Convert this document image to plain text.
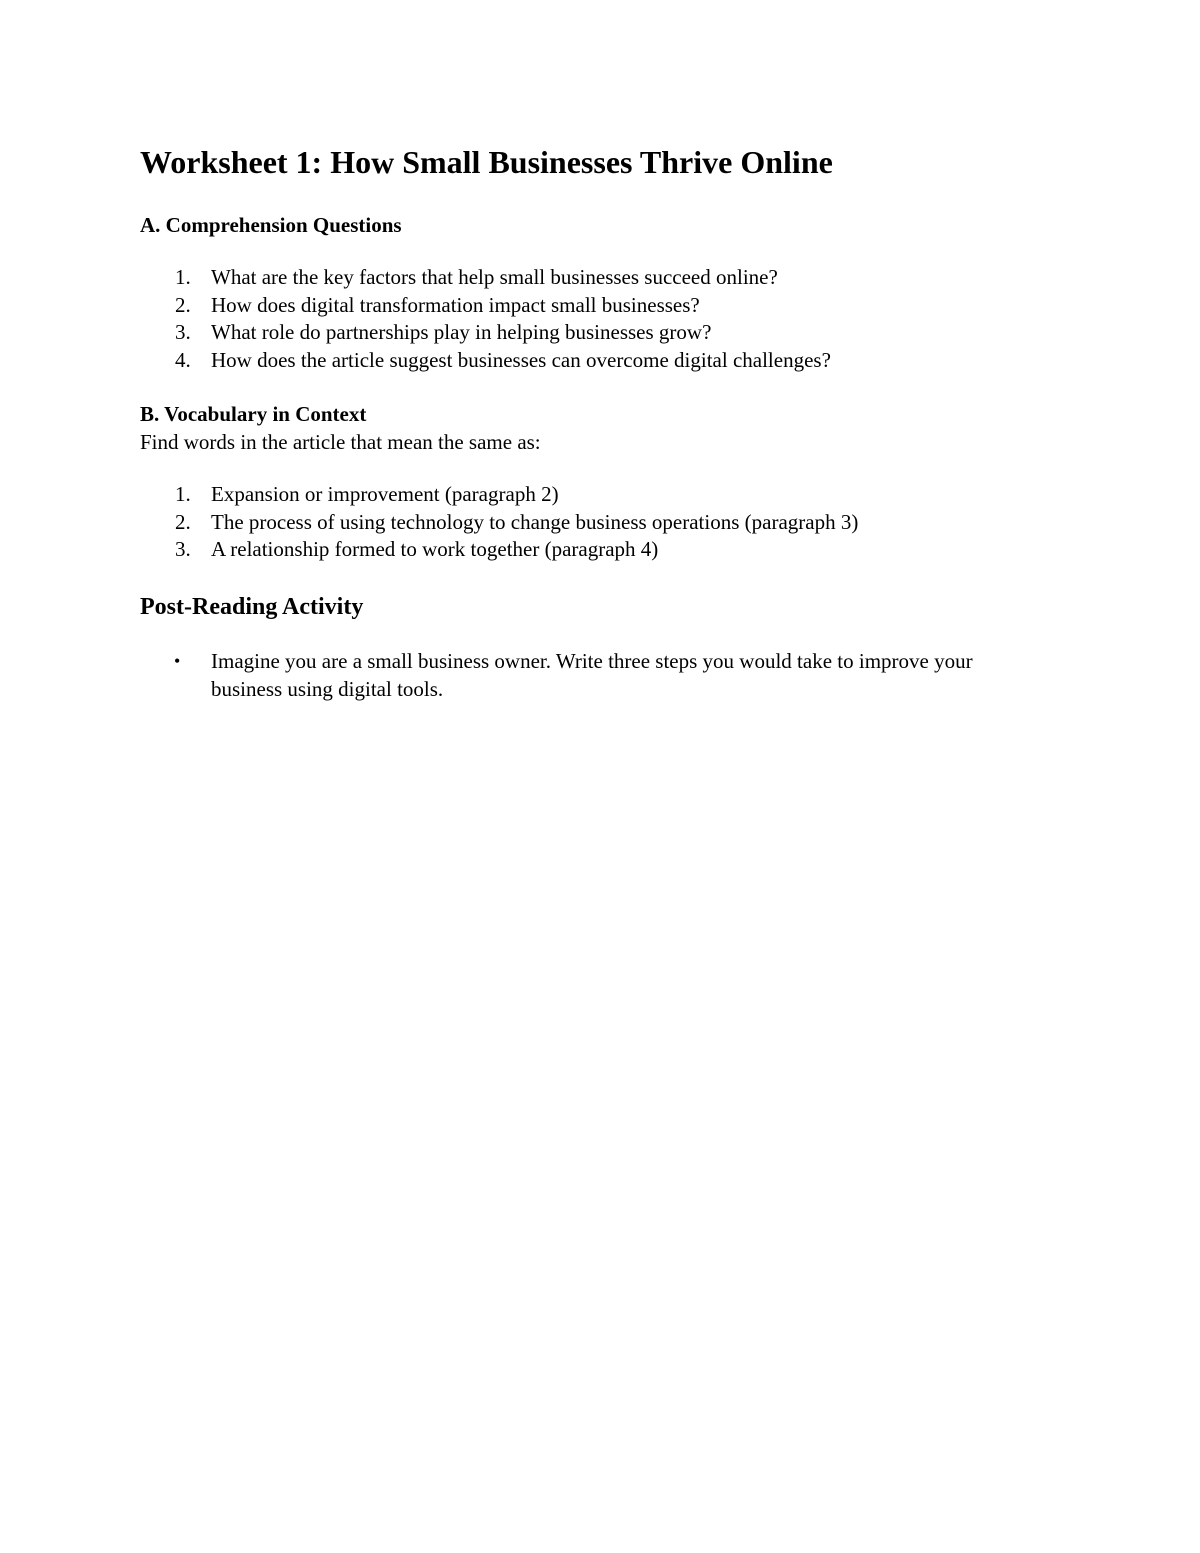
Worksheet 1: How Small Businesses Thrive Online
A. Comprehension Questions
1. What are the key factors that help small businesses succeed online?
2. How does digital transformation impact small businesses?
3. What role do partnerships play in helping businesses grow?
4. How does the article suggest businesses can overcome digital challenges?
B. Vocabulary in Context

Find words in the article that mean the same as:

1. Expansion or improvement (paragraph 2)
2. The process of using technology to change business operations (paragraph 3)
3. A relationship formed to work together (paragraph 4)
Post-Reading Activity
• Imagine you are a small business owner. Write three steps you would take to improve your business using digital tools.
